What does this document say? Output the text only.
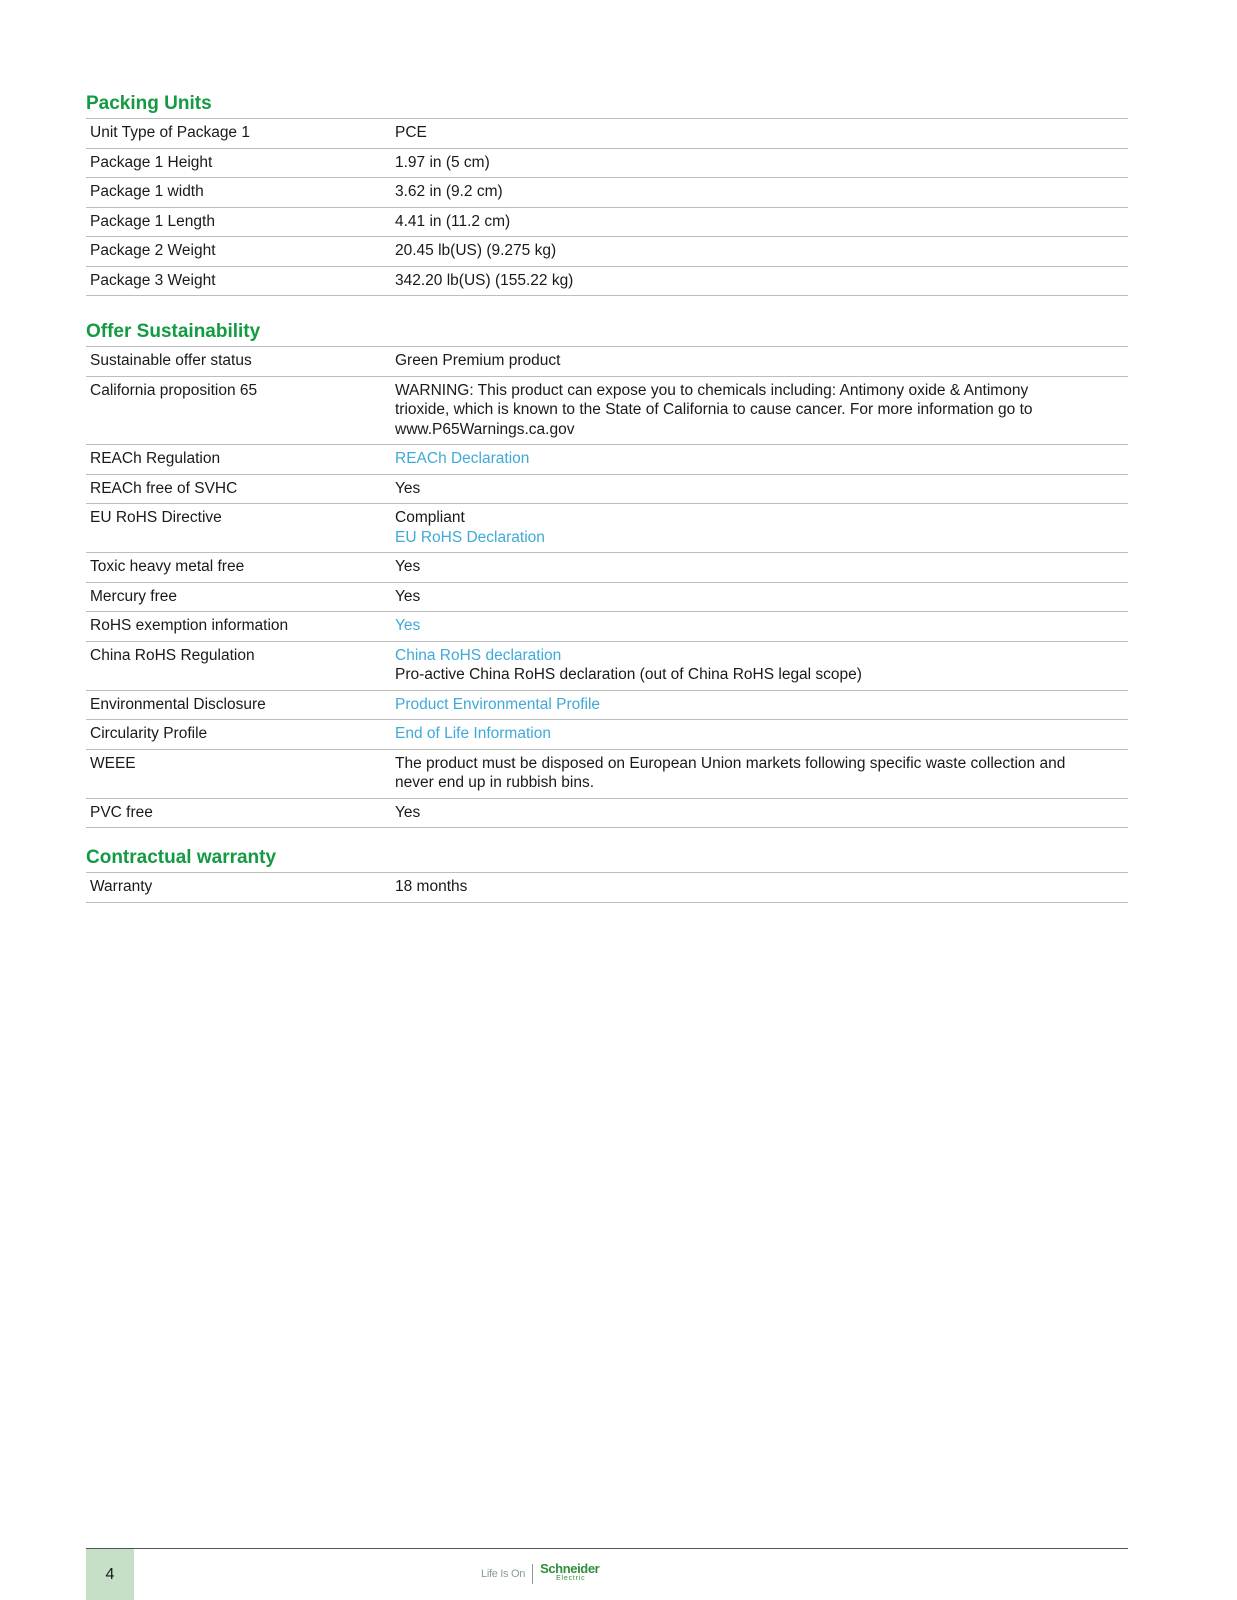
Packing Units
Unit Type of Package 1	PCE
Package 1 Height	1.97 in (5 cm)
Package 1 width	3.62 in (9.2 cm)
Package 1 Length	4.41 in (11.2 cm)
Package 2 Weight	20.45 lb(US) (9.275 kg)
Package 3 Weight	342.20 lb(US) (155.22 kg)
Offer Sustainability
Sustainable offer status	Green Premium product
California proposition 65	WARNING: This product can expose you to chemicals including: Antimony oxide & Antimony
trioxide, which is known to the State of California to cause cancer. For more information go to
www.P65Warnings.ca.gov
REACh Regulation	REACh Declaration
REACh free of SVHC	Yes
EU RoHS Directive	Compliant
EU RoHS Declaration
Toxic heavy metal free	Yes
Mercury free	Yes
RoHS exemption information	Yes
China RoHS Regulation	China RoHS declaration
Pro-active China RoHS declaration (out of China RoHS legal scope)
Environmental Disclosure	Product Environmental Profile
Circularity Profile	End of Life Information
WEEE	The product must be disposed on European Union markets following specific waste collection and
never end up in rubbish bins.
PVC free	Yes
Contractual warranty
Warranty	18 months
4	Life Is On Schneider
Electric
